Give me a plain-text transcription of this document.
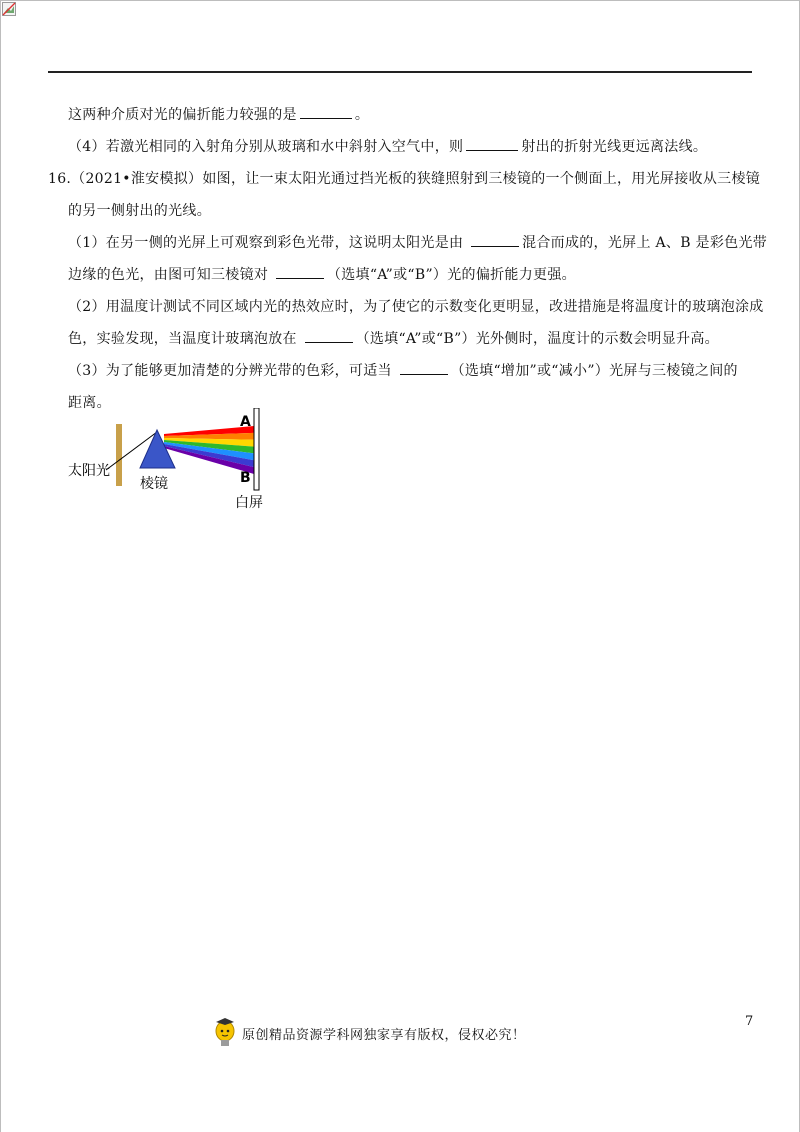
这两种介质对光的偏折能力较强的是	。
（4）若激光相同的入射角分别从玻璃和水中斜射入空气中，则	射出的折射光线更远离法线。
16.（2021•淮安模拟）如图，让一束太阳光通过挡光板的狭缝照射到三棱镜的一个侧面上，用光屏接收从三棱镜
的另一侧射出的光线。
（1）在另一侧的光屏上可观察到彩色光带，这说明太阳光是由	混合而成的，光屏上 A、B 是彩色光带
边缘的色光，由图可知三棱镜对	（选填“A”或“B”）光的偏折能力更强。
（2）用温度计测试不同区域内光的热效应时，为了使它的示数变化更明显，改进措施是将温度计的玻璃泡涂成
色，实验发现，当温度计玻璃泡放在	（选填“A”或“B”）光外侧时，温度计的示数会明显升高。
（3）为了能够更加清楚的分辨光带的色彩，可适当	（选填“增加”或“减小”）光屏与三棱镜之间的
距离。
A
B
太阳光
棱镜
白屏
原创精品资源学科网独家享有版权，侵权必究！
7
